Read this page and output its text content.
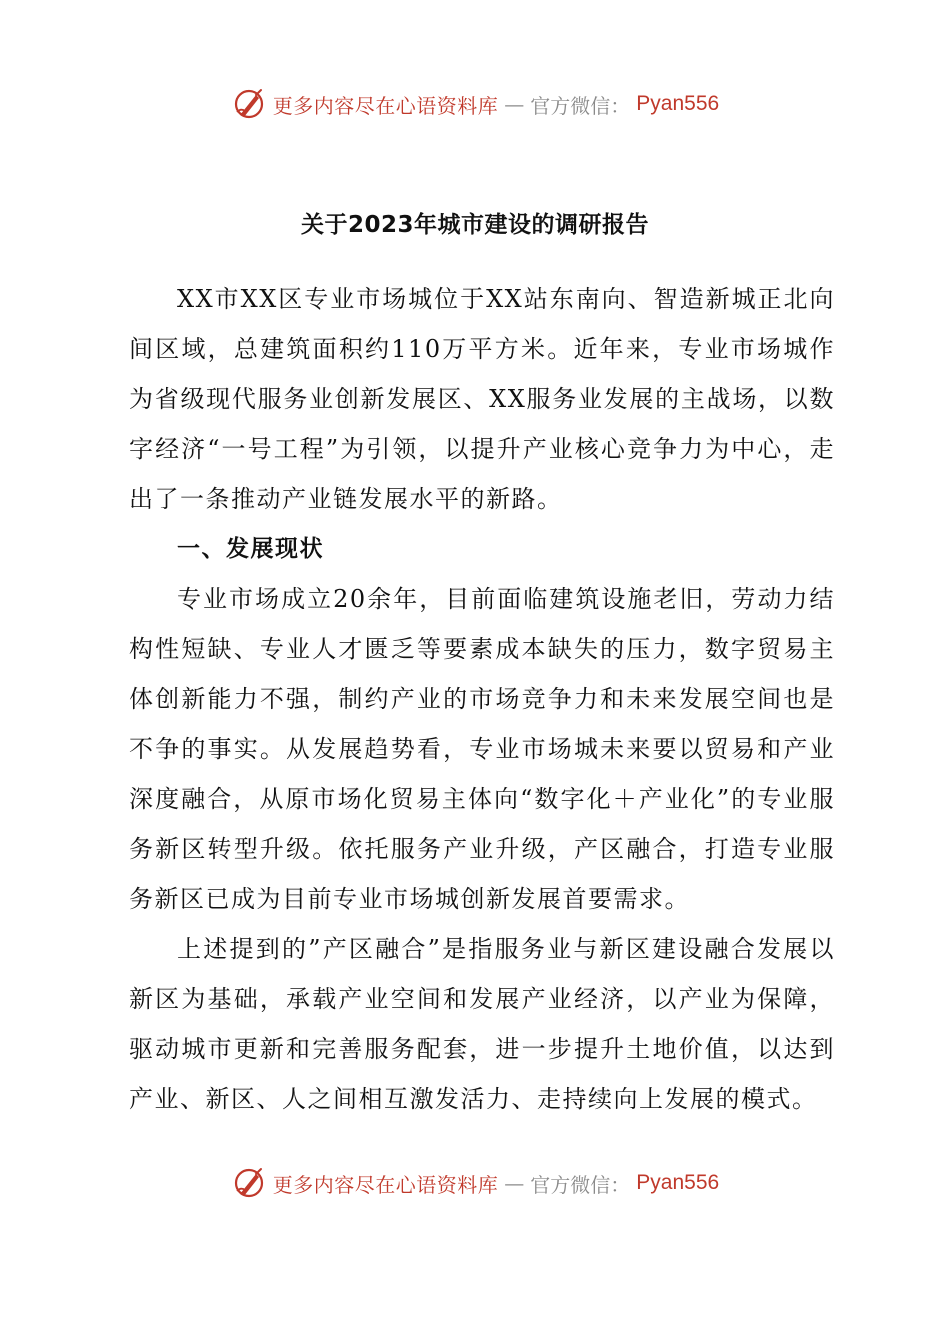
更多内容尽在心语资料库 — 官方微信： Pyan556
关于2023年城市建设的调研报告

XX市XX区专业市场城位于XX站东南向、智造新城正北向间区域，总建筑面积约110万平方米。近年来，专业市场城作为省级现代服务业创新发展区、XX服务业发展的主战场，以数字经济“一号工程”为引领，以提升产业核心竞争力为中心，走出了一条推动产业链发展水平的新路。

一、发展现状

专业市场成立20余年，目前面临建筑设施老旧，劳动力结构性短缺、专业人才匮乏等要素成本缺失的压力，数字贸易主体创新能力不强，制约产业的市场竞争力和未来发展空间也是不争的事实。从发展趋势看，专业市场城未来要以贸易和产业深度融合，从原市场化贸易主体向“数字化＋产业化”的专业服务新区转型升级。依托服务产业升级，产区融合，打造专业服务新区已成为目前专业市场城创新发展首要需求。

上述提到的”产区融合”是指服务业与新区建设融合发展以新区为基础，承载产业空间和发展产业经济，以产业为保障，驱动城市更新和完善服务配套，进一步提升土地价值，以达到产业、新区、人之间相互激发活力、走持续向上发展的模式。

更多内容尽在心语资料库 — 官方微信： Pyan556
